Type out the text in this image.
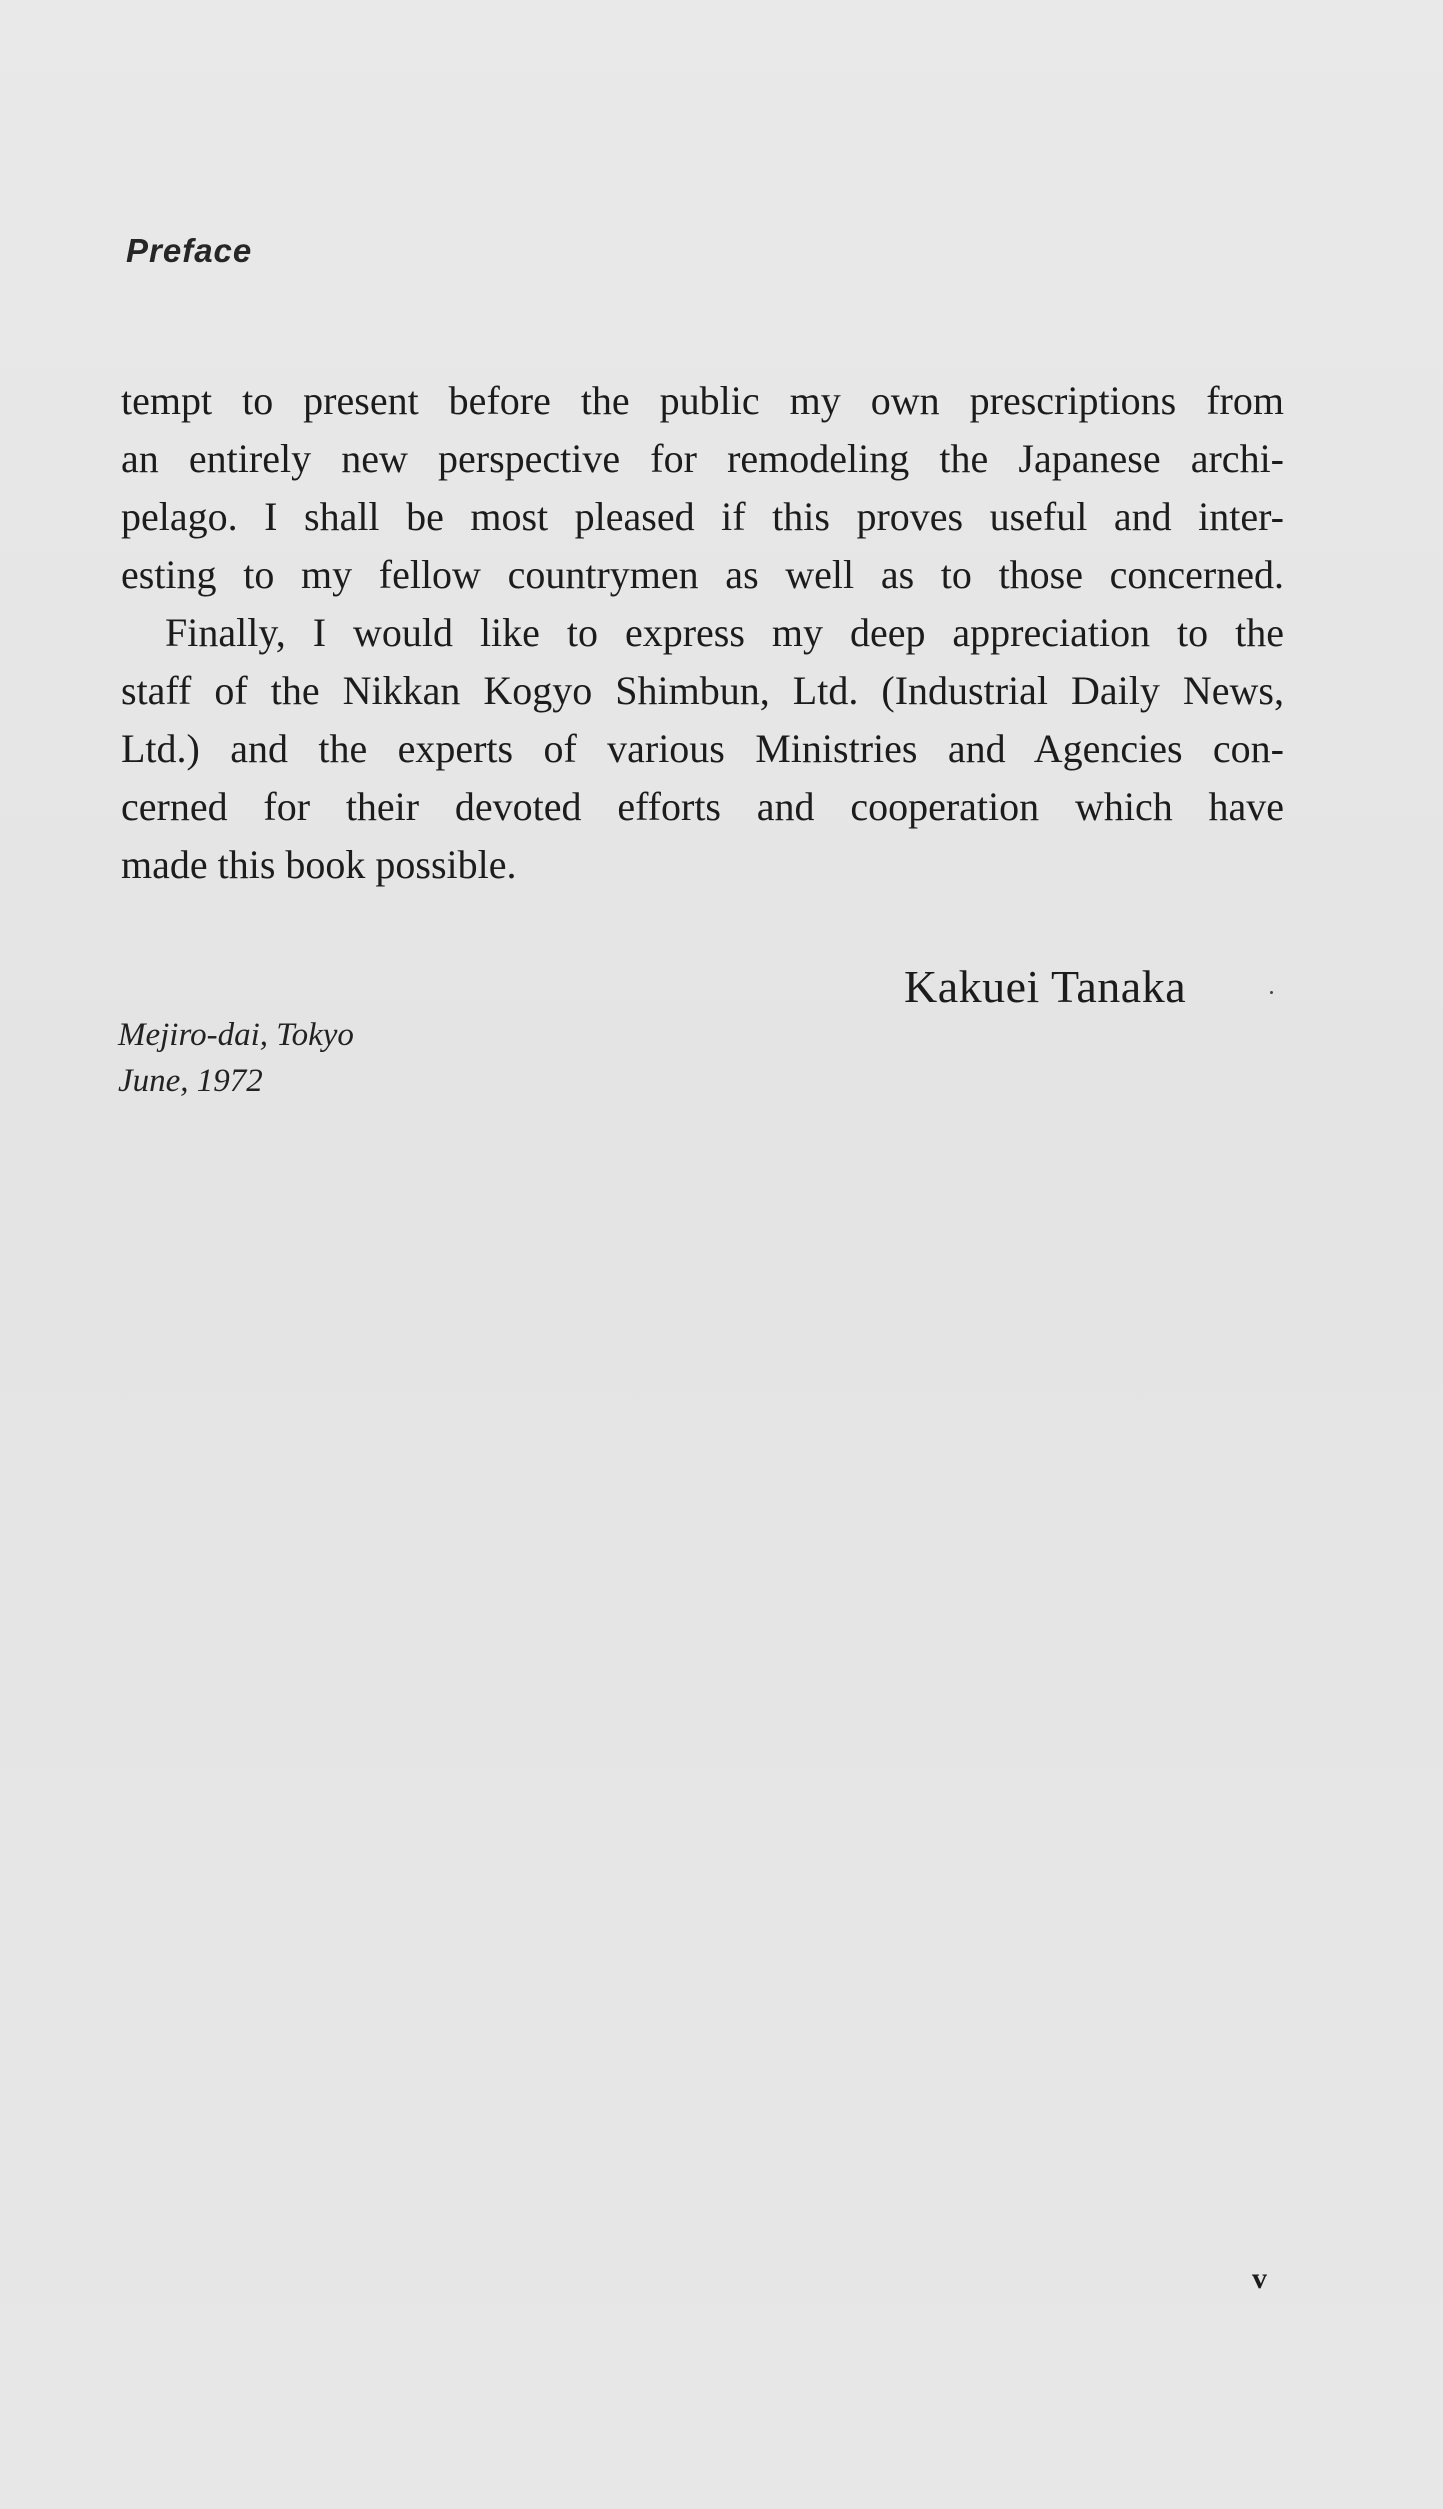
Preface

tempt to present before the public my own prescriptions from
an entirely new perspective for remodeling the Japanese archi-
pelago. I shall be most pleased if this proves useful and inter-
esting to my fellow countrymen as well as to those concerned.

Finally, I would like to express my deep appreciation to the
staff of the Nikkan Kogyo Shimbun, Ltd. (Industrial Daily News,
Ltd.) and the experts of various Ministries and Agencies con-
cerned for their devoted efforts and cooperation which have
made this book possible.

Kakuei Tanaka
Mejiro-dai, Tokyo
June, 1972
v
